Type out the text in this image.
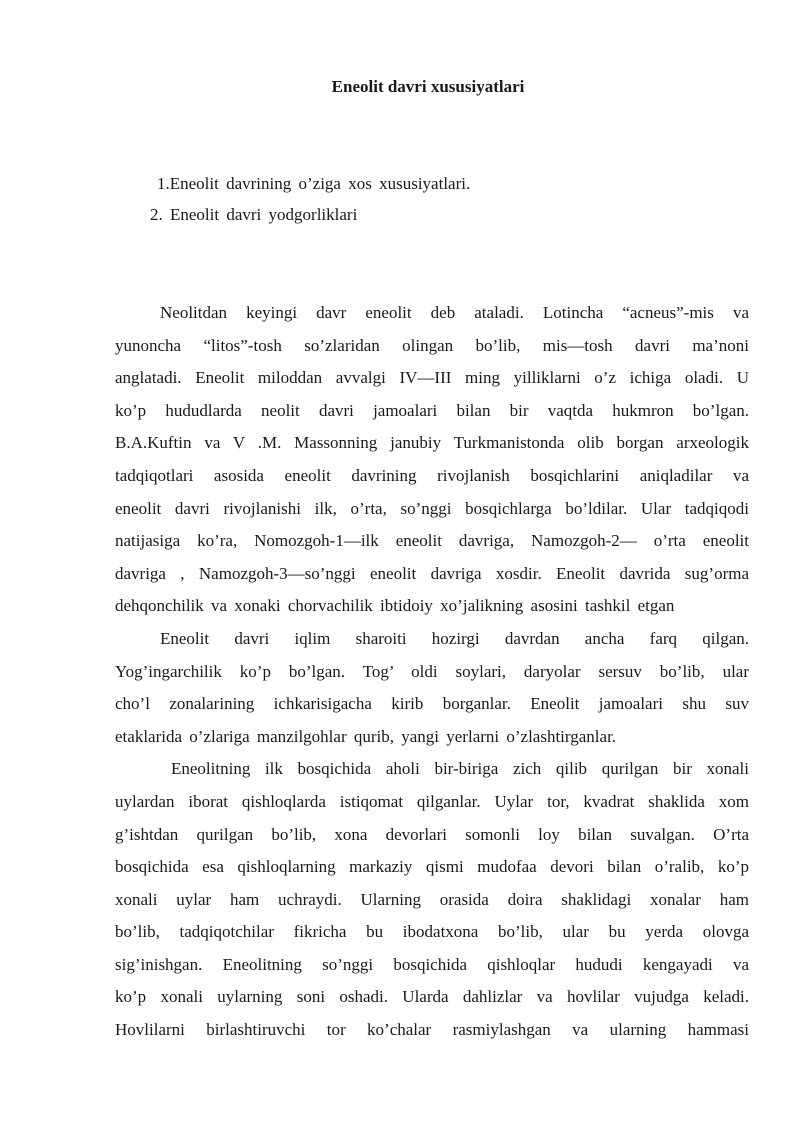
Eneolit davri xususiyatlari
1.Eneolit davrining o’ziga xos xususiyatlari.
2. Eneolit davri yodgorliklari
Neolitdan keyingi davr eneolit deb ataladi. Lotincha “acneus”-mis va
yunoncha “litos”-tosh so’zlaridan olingan bo’lib, mis—tosh davri ma’noni
anglatadi. Eneolit miloddan avvalgi IV—III ming yilliklarni o’z ichiga oladi. U
ko’p hududlarda neolit davri jamoalari bilan bir vaqtda hukmron bo’lgan.
B.A.Kuftin va V .M. Massonning janubiy Turkmanistonda olib borgan arxeologik
tadqiqotlari asosida eneolit davrining rivojlanish bosqichlarini aniqladilar va
eneolit davri rivojlanishi ilk, o’rta, so’nggi bosqichlarga bo’ldilar. Ular tadqiqodi
natijasiga ko’ra, Nomozgoh-1—ilk eneolit davriga, Namozgoh-2— o’rta eneolit
davriga , Namozgoh-3—so’nggi eneolit davriga xosdir. Eneolit davrida sug’orma
dehqonchilik va xonaki chorvachilik ibtidoiy xo’jalikning asosini tashkil etgan
Eneolit davri iqlim sharoiti hozirgi davrdan ancha farq qilgan.
Yog’ingarchilik ko’p bo’lgan. Tog’ oldi soylari, daryolar sersuv bo’lib, ular
cho’l zonalarining ichkarisigacha kirib borganlar. Eneolit jamoalari shu suv
etaklarida o’zlariga manzilgohlar qurib, yangi yerlarni o’zlashtirganlar.
Eneolitning ilk bosqichida aholi bir-biriga zich qilib qurilgan bir xonali
uylardan iborat qishloqlarda istiqomat qilganlar. Uylar tor, kvadrat shaklida xom
g’ishtdan qurilgan bo’lib, xona devorlari somonli loy bilan suvalgan. O’rta
bosqichida esa qishloqlarning markaziy qismi mudofaa devori bilan o’ralib, ko’p
xonali uylar ham uchraydi. Ularning orasida doira shaklidagi xonalar ham
bo’lib, tadqiqotchilar fikricha bu ibodatxona bo’lib, ular bu yerda olovga
sig’inishgan. Eneolitning so’nggi bosqichida qishloqlar hududi kengayadi va
ko’p xonali uylarning soni oshadi. Ularda dahlizlar va hovlilar vujudga keladi.
Hovlilarni birlashtiruvchi tor ko’chalar rasmiylashgan va ularning hammasi
